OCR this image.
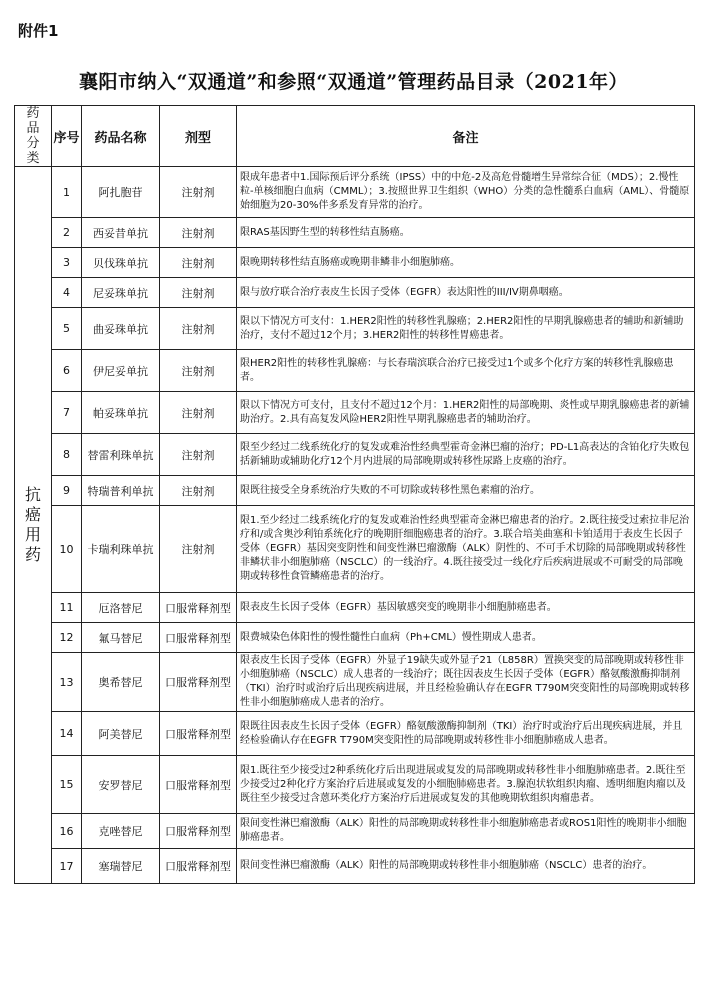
附件1
襄阳市纳入“双通道”和参照“双通道”管理药品目录（2021年）
药品分类	序号	药品名称	剂型	备注
抗癌用药	1	阿扎胞苷	注射剂	限成年患者中1.国际预后评分系统（IPSS）中的中危-2及高危骨髓增生异常综合征（MDS）；2.慢性粒-单核细胞白血病（CMML）；3.按照世界卫生组织（WHO）分类的急性髓系白血病（AML）、骨髓原始细胞为20-30%伴多系发育异常的治疗。
	2	西妥昔单抗	注射剂	限RAS基因野生型的转移性结直肠癌。
	3	贝伐珠单抗	注射剂	限晚期转移性结直肠癌或晚期非鳞非小细胞肺癌。
	4	尼妥珠单抗	注射剂	限与放疗联合治疗表皮生长因子受体（EGFR）表达阳性的III/IV期鼻咽癌。
	5	曲妥珠单抗	注射剂	限以下情况方可支付：1.HER2阳性的转移性乳腺癌；2.HER2阳性的早期乳腺癌患者的辅助和新辅助治疗，支付不超过12个月；3.HER2阳性的转移性胃癌患者。
	6	伊尼妥单抗	注射剂	限HER2阳性的转移性乳腺癌：与长春瑞滨联合治疗已接受过1个或多个化疗方案的转移性乳腺癌患者。
	7	帕妥珠单抗	注射剂	限以下情况方可支付，且支付不超过12个月：1.HER2阳性的局部晚期、炎性或早期乳腺癌患者的新辅助治疗。2.具有高复发风险HER2阳性早期乳腺癌患者的辅助治疗。
	8	替雷利珠单抗	注射剂	限至少经过二线系统化疗的复发或难治性经典型霍奇金淋巴瘤的治疗；PD-L1高表达的含铂化疗失败包括新辅助或辅助化疗12个月内进展的局部晚期或转移性尿路上皮癌的治疗。
	9	特瑞普利单抗	注射剂	限既往接受全身系统治疗失败的不可切除或转移性黑色素瘤的治疗。
	10	卡瑞利珠单抗	注射剂	限1.至少经过二线系统化疗的复发或难治性经典型霍奇金淋巴瘤患者的治疗。2.既往接受过索拉非尼治疗和/或含奥沙利铂系统化疗的晚期肝细胞癌患者的治疗。3.联合培美曲塞和卡铂适用于表皮生长因子受体（EGFR）基因突变阴性和间变性淋巴瘤激酶（ALK）阴性的、不可手术切除的局部晚期或转移性非鳞状非小细胞肺癌（NSCLC）的一线治疗。4.既往接受过一线化疗后疾病进展或不可耐受的局部晚期或转移性食管鳞癌患者的治疗。
	11	厄洛替尼	口服常释剂型	限表皮生长因子受体（EGFR）基因敏感突变的晚期非小细胞肺癌患者。
	12	氟马替尼	口服常释剂型	限费城染色体阳性的慢性髓性白血病（Ph+CML）慢性期成人患者。
	13	奥希替尼	口服常释剂型	限表皮生长因子受体（EGFR）外显子19缺失或外显子21（L858R）置换突变的局部晚期或转移性非小细胞肺癌（NSCLC）成人患者的一线治疗；既往因表皮生长因子受体（EGFR）酪氨酸激酶抑制剂（TKI）治疗时或治疗后出现疾病进展，并且经检验确认存在EGFR T790M突变阳性的局部晚期或转移性非小细胞肺癌成人患者的治疗。
	14	阿美替尼	口服常释剂型	限既往因表皮生长因子受体（EGFR）酪氨酸激酶抑制剂（TKI）治疗时或治疗后出现疾病进展，并且经检验确认存在EGFR T790M突变阳性的局部晚期或转移性非小细胞肺癌成人患者。
	15	安罗替尼	口服常释剂型	限1.既往至少接受过2种系统化疗后出现进展或复发的局部晚期或转移性非小细胞肺癌患者。2.既往至少接受过2种化疗方案治疗后进展或复发的小细胞肺癌患者。3.腺泡状软组织肉瘤、透明细胞肉瘤以及既往至少接受过含蒽环类化疗方案治疗后进展或复发的其他晚期软组织肉瘤患者。
	16	克唑替尼	口服常释剂型	限间变性淋巴瘤激酶（ALK）阳性的局部晚期或转移性非小细胞肺癌患者或ROS1阳性的晚期非小细胞肺癌患者。
	17	塞瑞替尼	口服常释剂型	限间变性淋巴瘤激酶（ALK）阳性的局部晚期或转移性非小细胞肺癌（NSCLC）患者的治疗。
